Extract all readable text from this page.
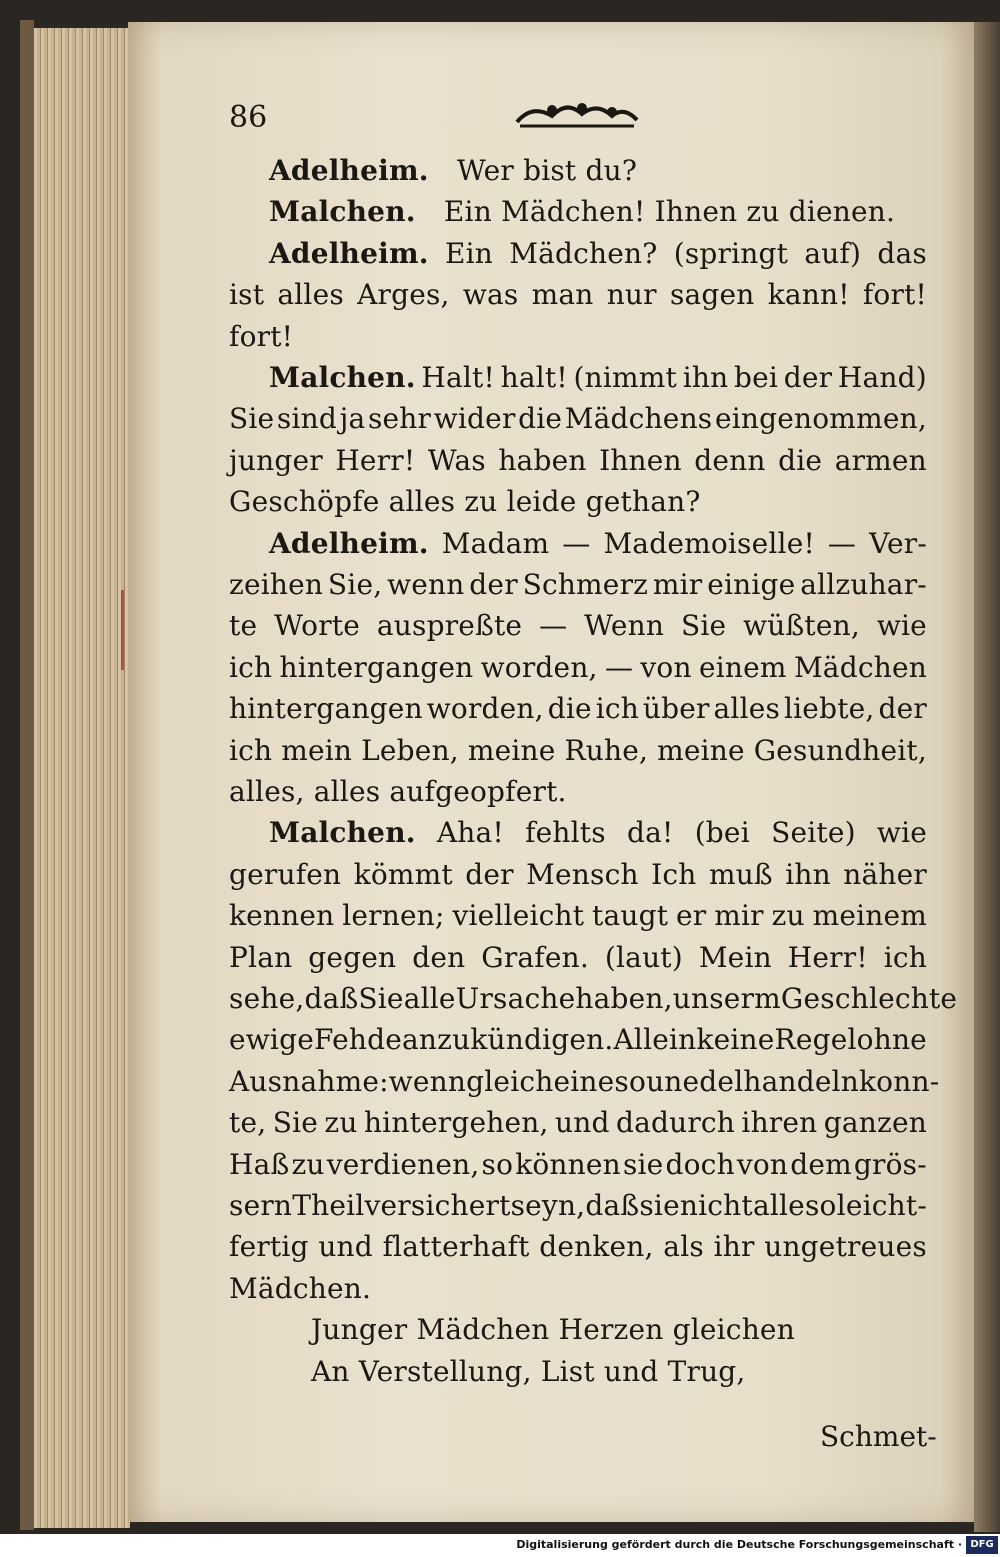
86
Adelheim. Wer bist du?
Malchen. Ein Mädchen! Ihnen zu dienen.
Adelheim. Ein Mädchen? (springt auf) das
ist alles Arges, was man nur sagen kann! fort!
fort!
Malchen. Halt! halt! (nimmt ihn bei der Hand)
Sie sind ja sehr wider die Mädchens eingenommen,
junger Herr! Was haben Ihnen denn die armen
Geschöpfe alles zu leide gethan?
Adelheim. Madam — Mademoiselle! — Ver-
zeihen Sie, wenn der Schmerz mir einige allzuhar-
te Worte auspreßte — Wenn Sie wüßten, wie
ich hintergangen worden, — von einem Mädchen
hintergangen worden, die ich über alles liebte, der
ich mein Leben, meine Ruhe, meine Gesundheit,
alles, alles aufgeopfert.
Malchen. Aha! fehlts da! (bei Seite) wie
gerufen kömmt der Mensch Ich muß ihn näher
kennen lernen; vielleicht taugt er mir zu meinem
Plan gegen den Grafen. (laut) Mein Herr! ich
sehe, daß Sie alle Ursache haben, unserm Geschlechte
ewige Fehde anzukündigen. Allein keine Regel ohne
Ausnahme: wenn gleich eine so unedel handeln konn-
te, Sie zu hintergehen, und dadurch ihren ganzen
Haß zu verdienen, so können sie doch von dem grös-
sern Theil versichert seyn, daß sie nicht alle so leicht-
fertig und flatterhaft denken, als ihr ungetreues
Mädchen.
Junger Mädchen Herzen gleichen
An Verstellung, List und Trug,
Schmet-
Digitalisierung gefördert durch die Deutsche Forschungsgemeinschaft · DFG
